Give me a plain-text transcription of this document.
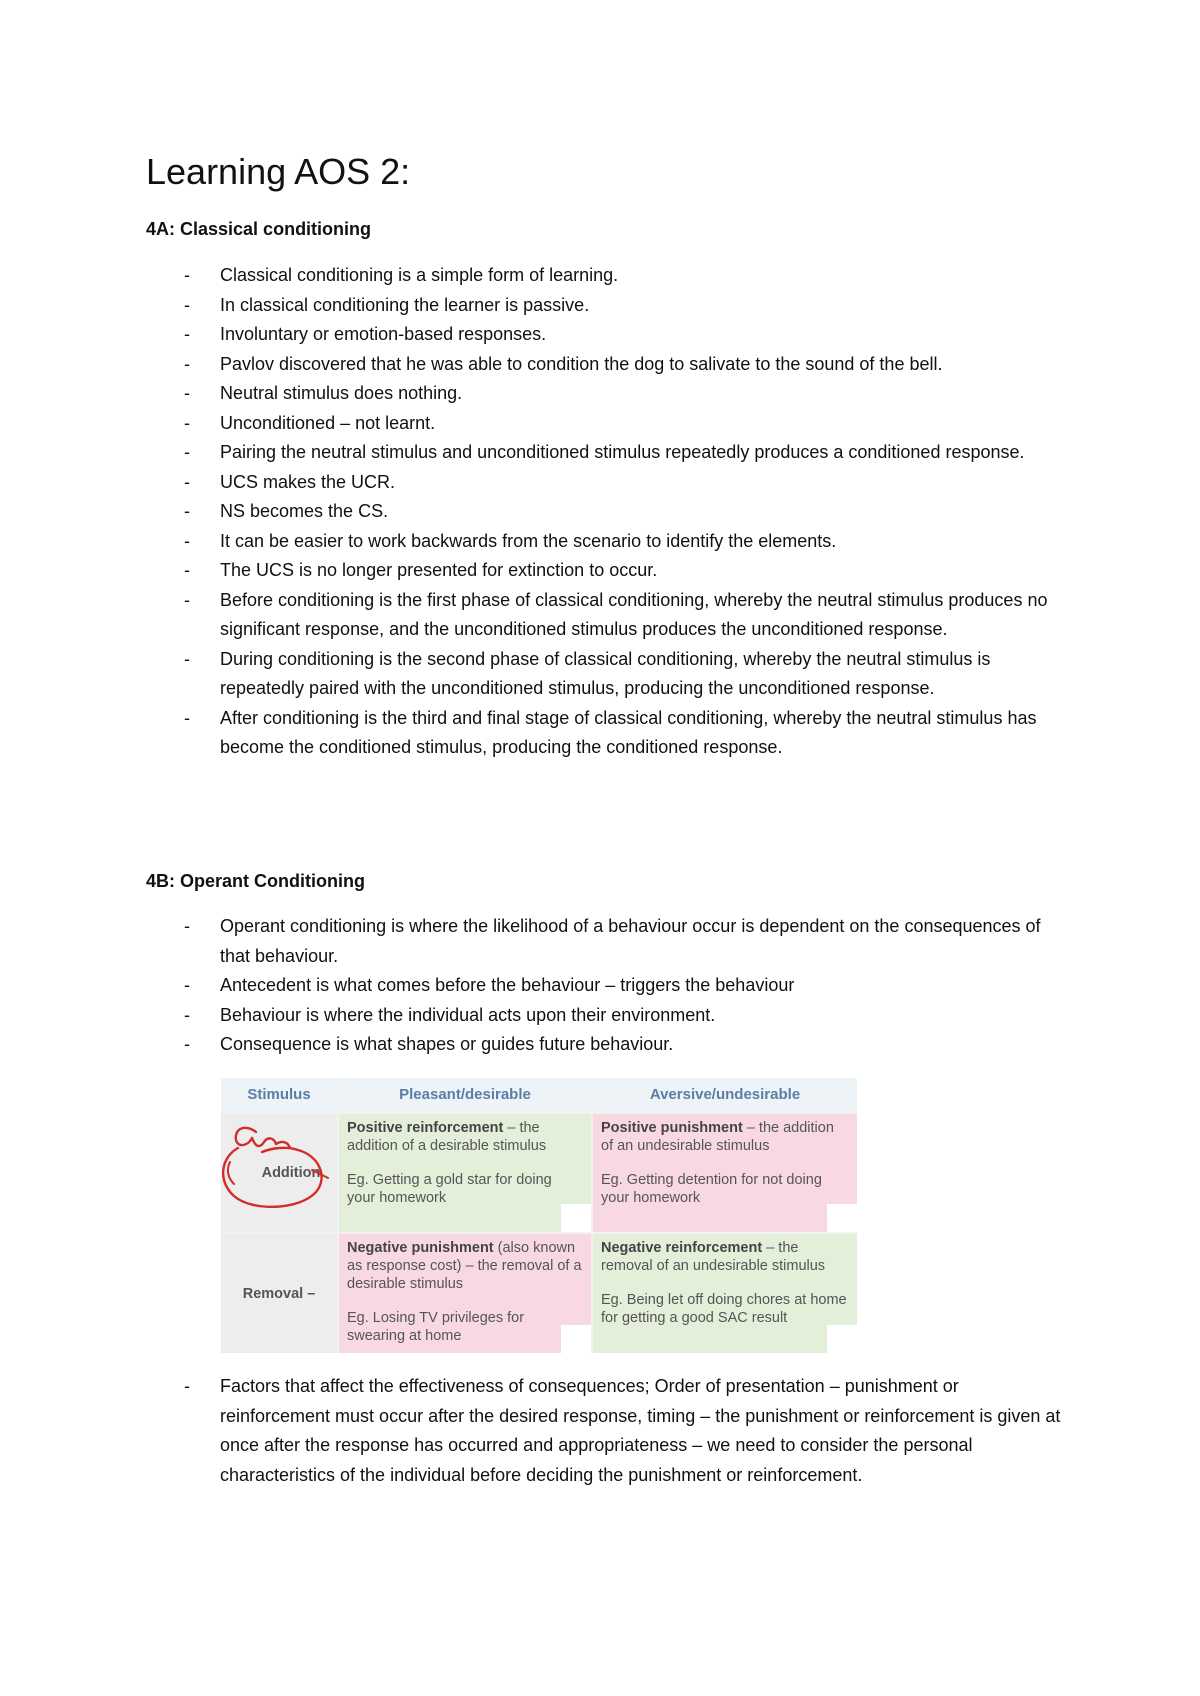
Learning AOS 2:
4A: Classical conditioning
- Classical conditioning is a simple form of learning.
- In classical conditioning the learner is passive.
- Involuntary or emotion-based responses.
- Pavlov discovered that he was able to condition the dog to salivate to the sound of the bell.
- Neutral stimulus does nothing.
- Unconditioned – not learnt.
- Pairing the neutral stimulus and unconditioned stimulus repeatedly produces a conditioned response.
- UCS makes the UCR.
- NS becomes the CS.
- It can be easier to work backwards from the scenario to identify the elements.
- The UCS is no longer presented for extinction to occur.
- Before conditioning is the first phase of classical conditioning, whereby the neutral stimulus produces no significant response, and the unconditioned stimulus produces the unconditioned response.
- During conditioning is the second phase of classical conditioning, whereby the neutral stimulus is repeatedly paired with the unconditioned stimulus, producing the unconditioned response.
- After conditioning is the third and final stage of classical conditioning, whereby the neutral stimulus has become the conditioned stimulus, producing the conditioned response.
4B: Operant Conditioning
- Operant conditioning is where the likelihood of a behaviour occur is dependent on the consequences of that behaviour.
- Antecedent is what comes before the behaviour – triggers the behaviour
- Behaviour is where the individual acts upon their environment.
- Consequence is what shapes or guides future behaviour.
Stimulus	Pleasant/desirable	Aversive/undesirable
Addition
Positive reinforcement – the addition of a desirable stimulus
Eg. Getting a gold star for doing your homework
Positive punishment – the addition of an undesirable stimulus
Eg. Getting detention for not doing your homework
Removal –
Negative punishment (also known as response cost) – the removal of a desirable stimulus
Eg. Losing TV privileges for swearing at home
Negative reinforcement – the removal of an undesirable stimulus
Eg. Being let off doing chores at home for getting a good SAC result
- Factors that affect the effectiveness of consequences; Order of presentation – punishment or reinforcement must occur after the desired response, timing – the punishment or reinforcement is given at once after the response has occurred and appropriateness – we need to consider the personal characteristics of the individual before deciding the punishment or reinforcement.
